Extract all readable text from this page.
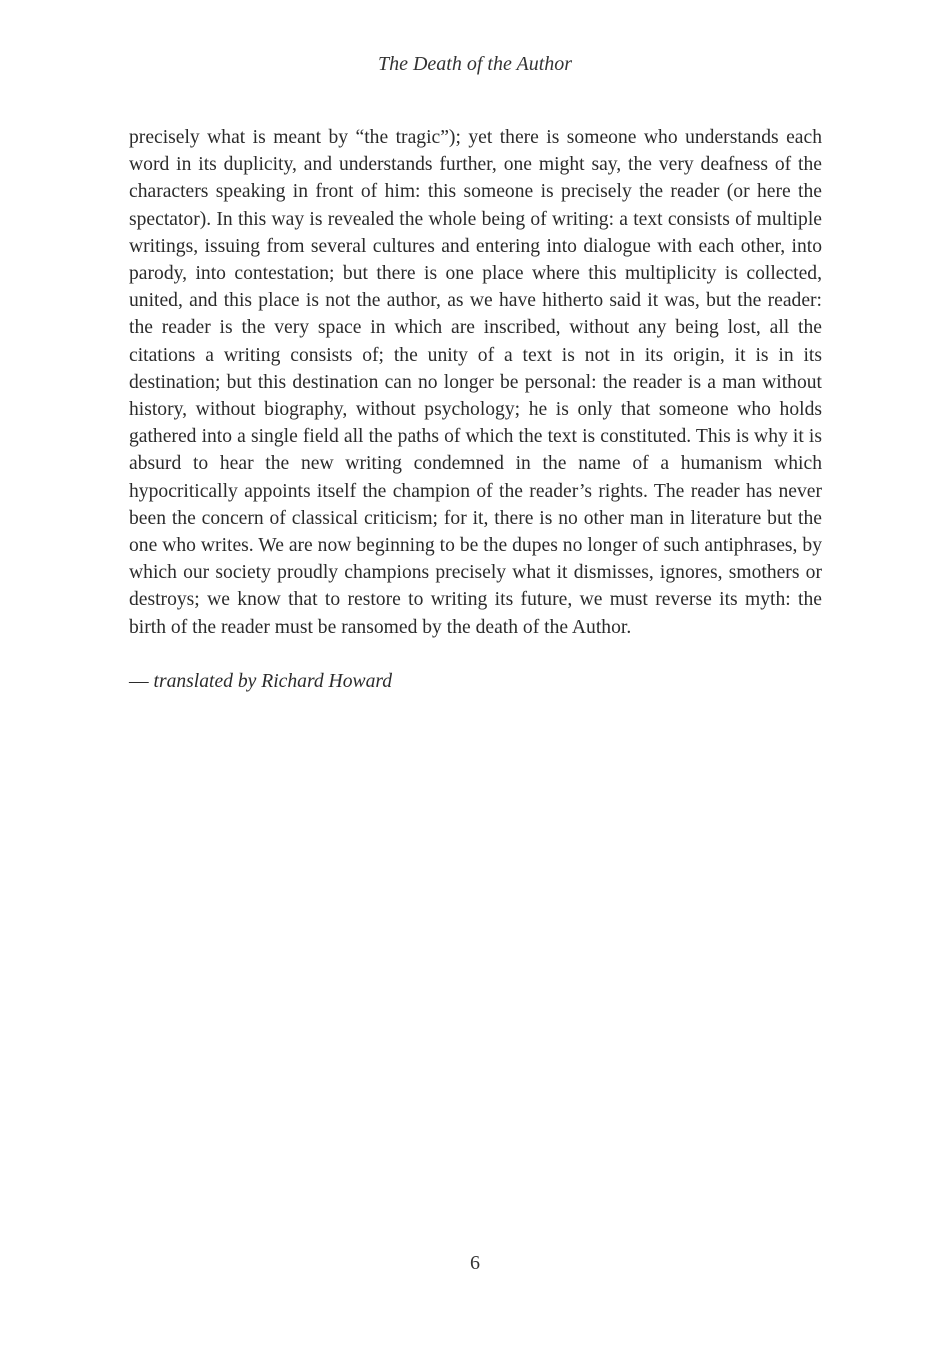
The Death of the Author

precisely what is meant by “the tragic”); yet there is someone who understands each word in its duplicity, and understands further, one might say, the very deafness of the characters speaking in front of him: this someone is precisely the reader (or here the spectator). In this way is revealed the whole being of writing: a text consists of multiple writings, issuing from several cultures and entering into dialogue with each other, into parody, into contestation; but there is one place where this multiplicity is collected, united, and this place is not the author, as we have hitherto said it was, but the reader: the reader is the very space in which are inscribed, without any being lost, all the citations a writing consists of; the unity of a text is not in its origin, it is in its destination; but this destination can no longer be personal: the reader is a man without history, without biography, without psychology; he is only that someone who holds gathered into a single field all the paths of which the text is constituted. This is why it is absurd to hear the new writing condemned in the name of a humanism which hypocritically appoints itself the champion of the reader’s rights. The reader has never been the concern of classical criticism; for it, there is no other man in literature but the one who writes. We are now beginning to be the dupes no longer of such antiphrases, by which our society proudly champions precisely what it dismisses, ignores, smothers or destroys; we know that to restore to writing its future, we must reverse its myth: the birth of the reader must be ransomed by the death of the Author.

— translated by Richard Howard

6
